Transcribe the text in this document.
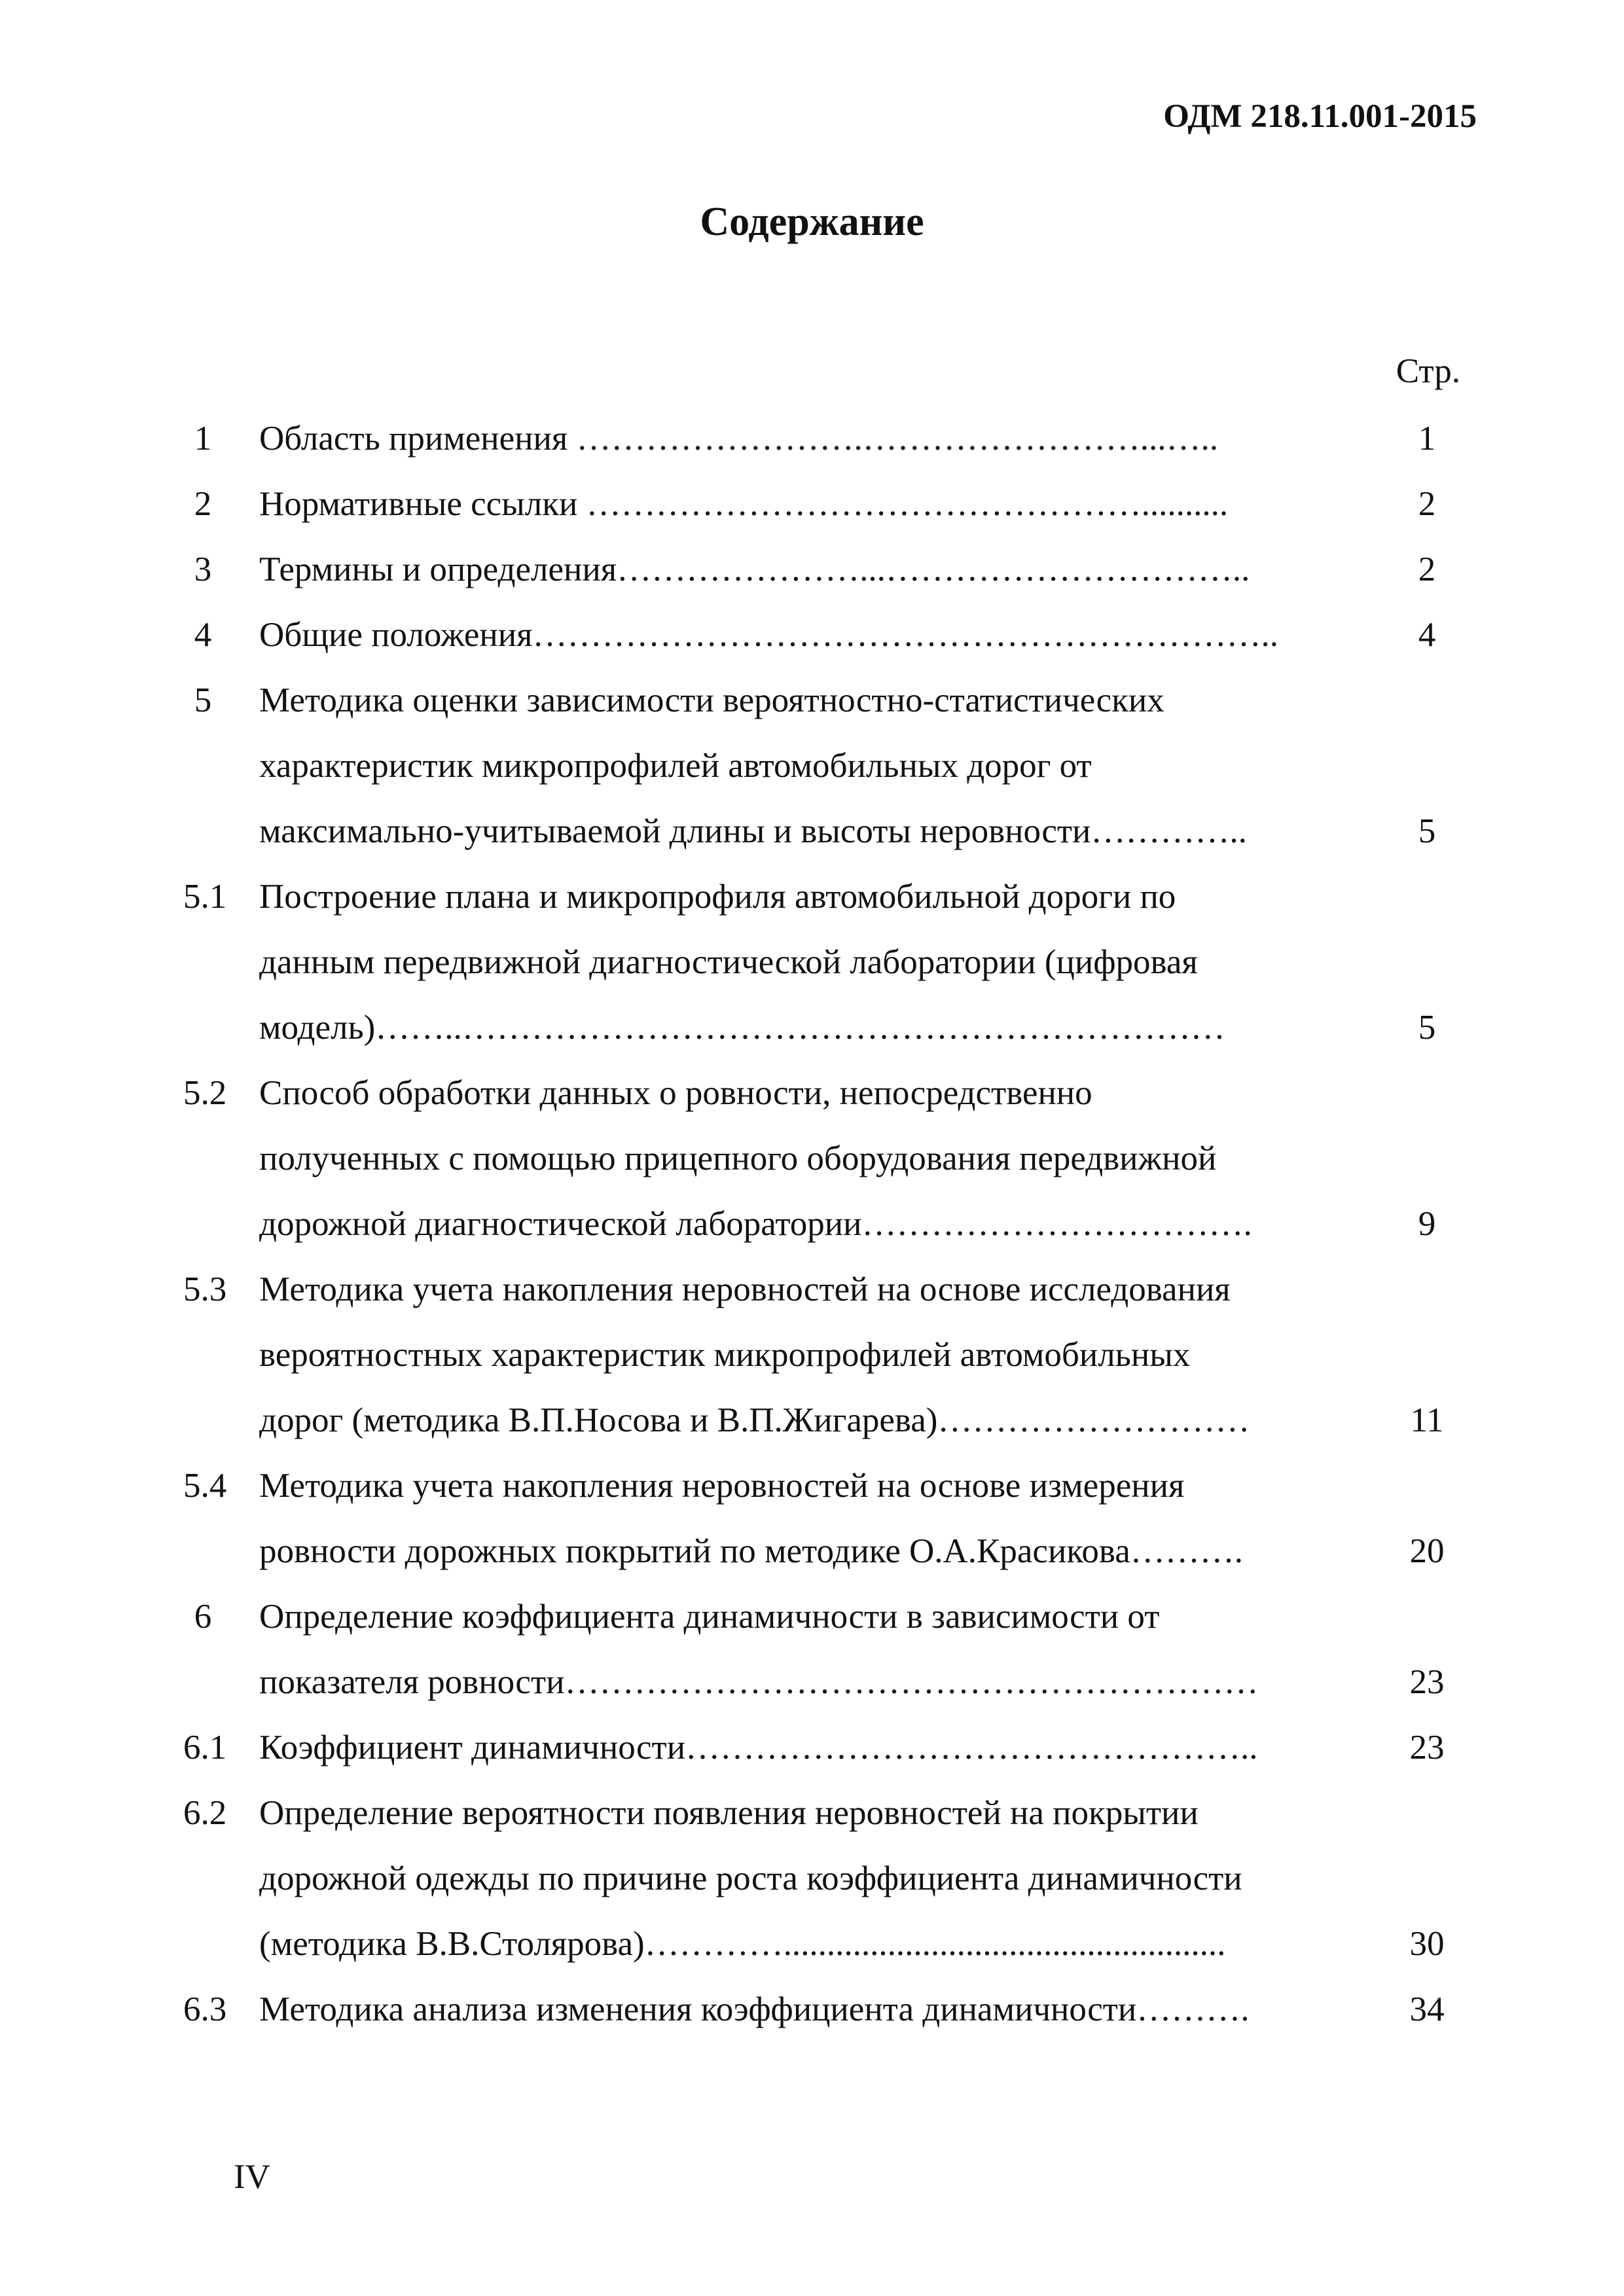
ОДМ 218.11.001-2015
Содержание
Стр.
1	Область применения …………………….……………………...…..	1
2	Нормативные ссылки …………………………………………..........	2
3	Термины и определения…………………...…………………………..	2
4	Общие положения………………………………………………………..	4
5	Методика оценки зависимости вероятностно-статистических
характеристик микропрофилей автомобильных дорог от
максимально-учитываемой длины и высоты неровности…………..	5
5.1 Построение плана и микропрофиля автомобильной дороги по
данным передвижной диагностической лаборатории (цифровая
модель)……..…………………………………………………………	5
5.2 Способ обработки данных о ровности, непосредственно
полученных с помощью прицепного оборудования передвижной
дорожной диагностической лаборатории…………………………….	9
5.3 Методика учета накопления неровностей на основе исследования
вероятностных характеристик микропрофилей автомобильных
дорог (методика В.П.Носова и В.П.Жигарева)………………………	11
5.4 Методика учета накопления неровностей на основе измерения
ровности дорожных покрытий по методике О.А.Красикова……….	20
6	Определение коэффициента динамичности в зависимости от
показателя ровности……………………………………………………	23
6.1 Коэффициент динамичности…………………………………………..	23
6.2 Определение вероятности появления неровностей на покрытии
дорожной одежды по причине роста коэффициента динамичности
(методика В.В.Столярова)…………...................................................	30
6.3 Методика анализа изменения коэффициента динамичности……….	34
IV
